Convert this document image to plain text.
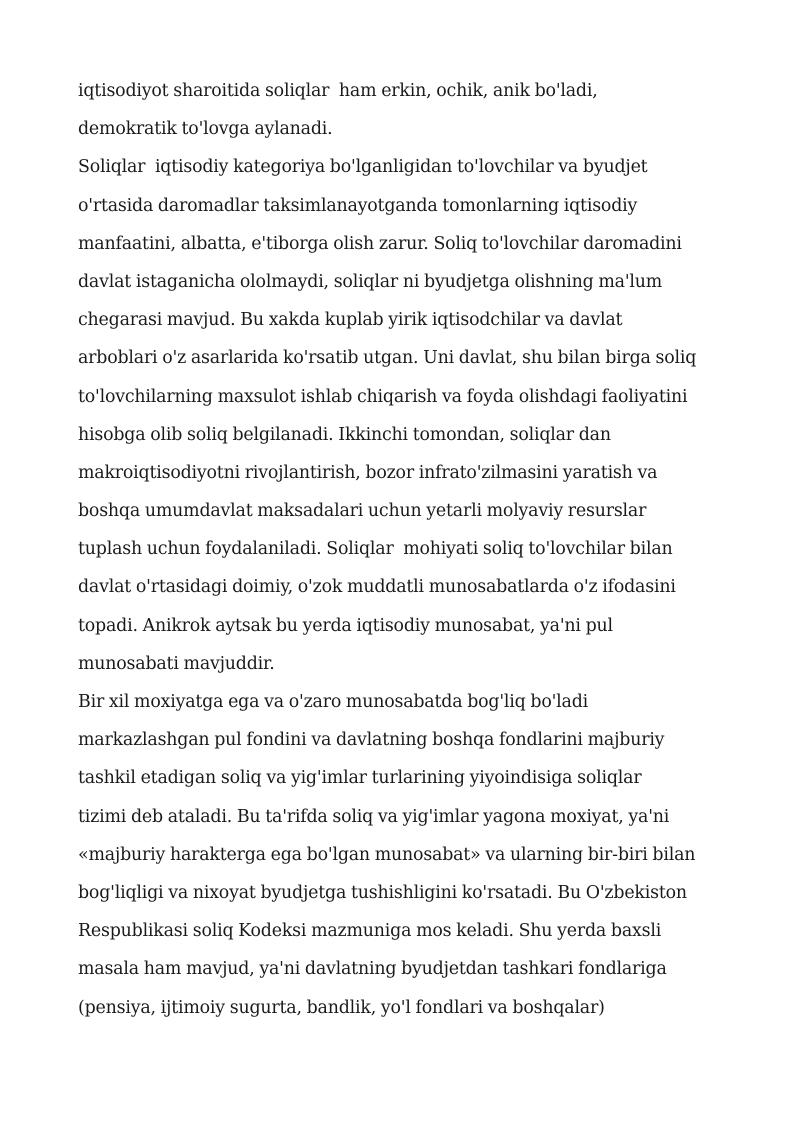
iqtisodiyot sharoitida soliqlar  ham erkin, ochik, anik bo'ladi,
demokratik to'lovga aylanadi.
Soliqlar  iqtisodiy kategoriya bo'lganligidan to'lovchilar va byudjet
o'rtasida daromadlar taksimlanayotganda tomonlarning iqtisodiy
manfaatini, albatta, e'tiborga olish zarur. Soliq to'lovchilar daromadini
davlat istaganicha ololmaydi, soliqlar ni byudjetga olishning ma'lum
chegarasi mavjud. Bu xakda kuplab yirik iqtisodchilar va davlat
arboblari o'z asarlarida ko'rsatib utgan. Uni davlat, shu bilan birga soliq
to'lovchilarning maxsulot ishlab chiqarish va foyda olishdagi faoliyatini
hisobga olib soliq belgilanadi. Ikkinchi tomondan, soliqlar dan
makroiqtisodiyotni rivojlantirish, bozor infrato'zilmasini yaratish va
boshqa umumdavlat maksadalari uchun yetarli molyaviy resurslar
tuplash uchun foydalaniladi. Soliqlar  mohiyati soliq to'lovchilar bilan
davlat o'rtasidagi doimiy, o'zok muddatli munosabatlarda o'z ifodasini
topadi. Anikrok aytsak bu yerda iqtisodiy munosabat, ya'ni pul
munosabati mavjuddir.
Bir xil moxiyatga ega va o'zaro munosabatda bog'liq bo'ladi
markazlashgan pul fondini va davlatning boshqa fondlarini majburiy
tashkil etadigan soliq va yig'imlar turlarining yiyoindisiga soliqlar
tizimi deb ataladi. Bu ta'rifda soliq va yig'imlar yagona moxiyat, ya'ni
«majburiy harakterga ega bo'lgan munosabat» va ularning bir-biri bilan
bog'liqligi va nixoyat byudjetga tushishligini ko'rsatadi. Bu O'zbekiston
Respublikasi soliq Kodeksi mazmuniga mos keladi. Shu yerda baxsli
masala ham mavjud, ya'ni davlatning byudjetdan tashkari fondlariga
(pensiya, ijtimoiy sugurta, bandlik, yo'l fondlari va boshqalar)
